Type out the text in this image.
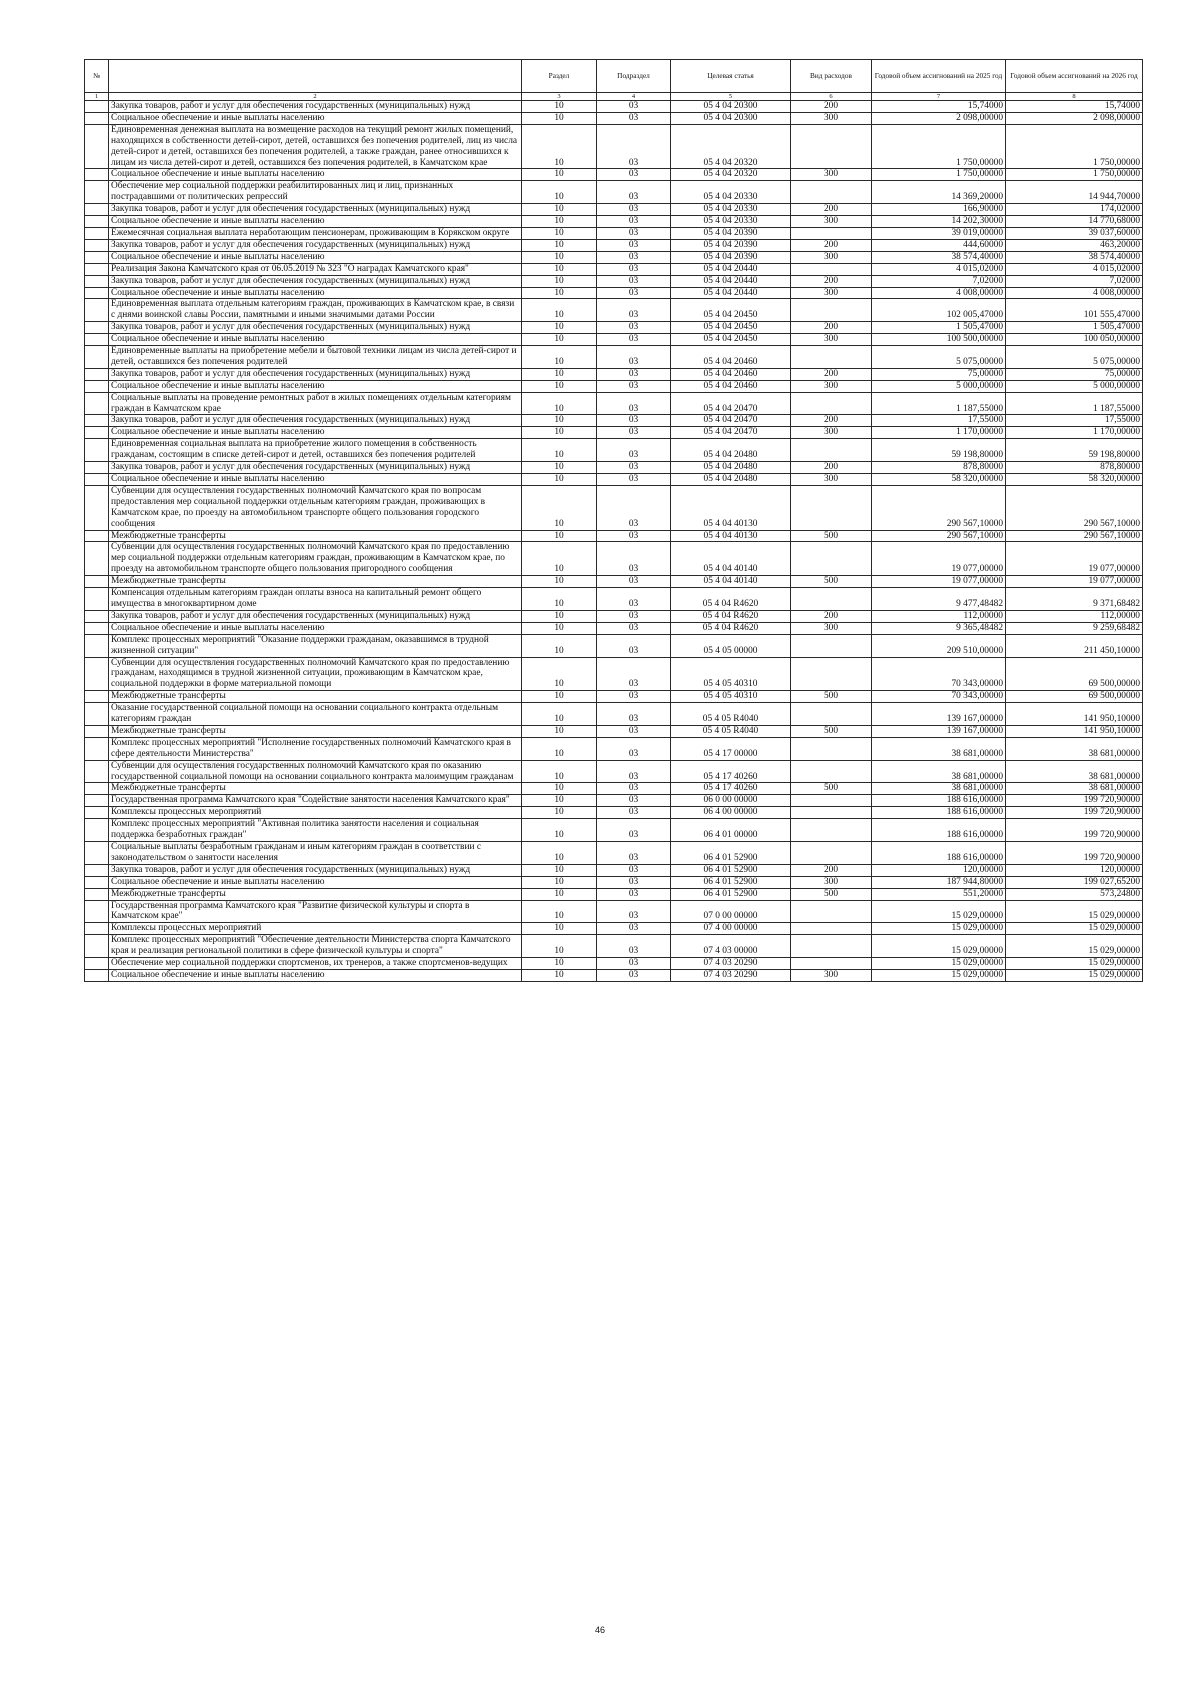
№		Раздел	Подраздел	Целевая статья	Вид расходов	Годовой объем ассигнований на 2025 год	Годовой объем ассигнований на 2026 год
1	2	3	4	5	6	7	8
	Закупка товаров, работ и услуг для обеспечения государственных (муниципальных) нужд	10	03	05 4 04 20300	200	15,74000	15,74000
	Социальное обеспечение и иные выплаты населению	10	03	05 4 04 20300	300	2 098,00000	2 098,00000
	Единовременная денежная выплата на возмещение расходов на текущий ремонт жилых помещений, находящихся в собственности детей-сирот, детей, оставшихся без попечения родителей, лиц из числа детей-сирот и детей, оставшихся без попечения родителей, а также граждан, ранее относившихся к лицам из числа детей-сирот и детей, оставшихся без попечения родителей, в Камчатском крае	10	03	05 4 04 20320		1 750,00000	1 750,00000
	Социальное обеспечение и иные выплаты населению	10	03	05 4 04 20320	300	1 750,00000	1 750,00000
	Обеспечение мер социальной поддержки реабилитированных лиц и лиц, признанных пострадавшими от политических репрессий	10	03	05 4 04 20330		14 369,20000	14 944,70000
	Закупка товаров, работ и услуг для обеспечения государственных (муниципальных) нужд	10	03	05 4 04 20330	200	166,90000	174,02000
	Социальное обеспечение и иные выплаты населению	10	03	05 4 04 20330	300	14 202,30000	14 770,68000
	Ежемесячная социальная выплата неработающим пенсионерам, проживающим в Корякском округе	10	03	05 4 04 20390		39 019,00000	39 037,60000
	Закупка товаров, работ и услуг для обеспечения государственных (муниципальных) нужд	10	03	05 4 04 20390	200	444,60000	463,20000
	Социальное обеспечение и иные выплаты населению	10	03	05 4 04 20390	300	38 574,40000	38 574,40000
	Реализация Закона Камчатского края от 06.05.2019 № 323 "О наградах Камчатского края"	10	03	05 4 04 20440		4 015,02000	4 015,02000
	Закупка товаров, работ и услуг для обеспечения государственных (муниципальных) нужд	10	03	05 4 04 20440	200	7,02000	7,02000
	Социальное обеспечение и иные выплаты населению	10	03	05 4 04 20440	300	4 008,00000	4 008,00000
	Единовременная выплата отдельным категориям граждан, проживающих в Камчатском крае, в связи с днями воинской славы России, памятными и иными значимыми датами России	10	03	05 4 04 20450		102 005,47000	101 555,47000
	Закупка товаров, работ и услуг для обеспечения государственных (муниципальных) нужд	10	03	05 4 04 20450	200	1 505,47000	1 505,47000
	Социальное обеспечение и иные выплаты населению	10	03	05 4 04 20450	300	100 500,00000	100 050,00000
	Единовременные выплаты на приобретение мебели и бытовой техники лицам из числа детей-сирот и детей, оставшихся без попечения родителей	10	03	05 4 04 20460		5 075,00000	5 075,00000
	Закупка товаров, работ и услуг для обеспечения государственных (муниципальных) нужд	10	03	05 4 04 20460	200	75,00000	75,00000
	Социальное обеспечение и иные выплаты населению	10	03	05 4 04 20460	300	5 000,00000	5 000,00000
	Социальные выплаты на проведение ремонтных работ в жилых помещениях отдельным категориям граждан в Камчатском крае	10	03	05 4 04 20470		1 187,55000	1 187,55000
	Закупка товаров, работ и услуг для обеспечения государственных (муниципальных) нужд	10	03	05 4 04 20470	200	17,55000	17,55000
	Социальное обеспечение и иные выплаты населению	10	03	05 4 04 20470	300	1 170,00000	1 170,00000
	Единовременная социальная выплата на приобретение жилого помещения в собственность гражданам, состоящим в списке детей-сирот и детей, оставшихся без попечения родителей	10	03	05 4 04 20480		59 198,80000	59 198,80000
	Закупка товаров, работ и услуг для обеспечения государственных (муниципальных) нужд	10	03	05 4 04 20480	200	878,80000	878,80000
	Социальное обеспечение и иные выплаты населению	10	03	05 4 04 20480	300	58 320,00000	58 320,00000
	Субвенции для осуществления государственных полномочий Камчатского края по вопросам предоставления мер социальной поддержки отдельным категориям граждан, проживающих в Камчатском крае, по проезду на автомобильном транспорте общего пользования городского сообщения	10	03	05 4 04 40130		290 567,10000	290 567,10000
	Межбюджетные трансферты	10	03	05 4 04 40130	500	290 567,10000	290 567,10000
	Субвенции для осуществления государственных полномочий Камчатского края по предоставлению мер социальной поддержки отдельным категориям граждан, проживающим в Камчатском крае, по проезду на автомобильном транспорте общего пользования пригородного сообщения	10	03	05 4 04 40140		19 077,00000	19 077,00000
	Межбюджетные трансферты	10	03	05 4 04 40140	500	19 077,00000	19 077,00000
	Компенсация отдельным категориям граждан оплаты взноса на капитальный ремонт общего имущества в многоквартирном доме	10	03	05 4 04 R4620		9 477,48482	9 371,68482
	Закупка товаров, работ и услуг для обеспечения государственных (муниципальных) нужд	10	03	05 4 04 R4620	200	112,00000	112,00000
	Социальное обеспечение и иные выплаты населению	10	03	05 4 04 R4620	300	9 365,48482	9 259,68482
	Комплекс процессных мероприятий "Оказание поддержки гражданам, оказавшимся в трудной жизненной ситуации"	10	03	05 4 05 00000		209 510,00000	211 450,10000
	Субвенции для осуществления государственных полномочий Камчатского края по предоставлению гражданам, находящимся в трудной жизненной ситуации, проживающим в Камчатском крае, социальной поддержки в форме материальной помощи	10	03	05 4 05 40310		70 343,00000	69 500,00000
	Межбюджетные трансферты	10	03	05 4 05 40310	500	70 343,00000	69 500,00000
	Оказание государственной социальной помощи на основании социального контракта отдельным категориям граждан	10	03	05 4 05 R4040		139 167,00000	141 950,10000
	Межбюджетные трансферты	10	03	05 4 05 R4040	500	139 167,00000	141 950,10000
	Комплекс процессных мероприятий "Исполнение государственных полномочий Камчатского края в сфере деятельности Министерства"	10	03	05 4 17 00000		38 681,00000	38 681,00000
	Субвенции для осуществления государственных полномочий Камчатского края по оказанию государственной социальной помощи на основании социального контракта малоимущим гражданам	10	03	05 4 17 40260		38 681,00000	38 681,00000
	Межбюджетные трансферты	10	03	05 4 17 40260	500	38 681,00000	38 681,00000
	Государственная программа Камчатского края "Содействие занятости населения Камчатского края"	10	03	06 0 00 00000		188 616,00000	199 720,90000
	Комплексы процессных мероприятий	10	03	06 4 00 00000		188 616,00000	199 720,90000
	Комплекс процессных мероприятий "Активная политика занятости населения и социальная поддержка безработных граждан"	10	03	06 4 01 00000		188 616,00000	199 720,90000
	Социальные выплаты безработным гражданам и иным категориям граждан в соответствии с законодательством о занятости населения	10	03	06 4 01 52900		188 616,00000	199 720,90000
	Закупка товаров, работ и услуг для обеспечения государственных (муниципальных) нужд	10	03	06 4 01 52900	200	120,00000	120,00000
	Социальное обеспечение и иные выплаты населению	10	03	06 4 01 52900	300	187 944,80000	199 027,65200
	Межбюджетные трансферты	10	03	06 4 01 52900	500	551,20000	573,24800
	Государственная программа Камчатского края "Развитие физической культуры и спорта в Камчатском крае"	10	03	07 0 00 00000		15 029,00000	15 029,00000
	Комплексы процессных мероприятий	10	03	07 4 00 00000		15 029,00000	15 029,00000
	Комплекс процессных мероприятий "Обеспечение деятельности Министерства спорта Камчатского края и реализация региональной политики в сфере физической культуры и спорта"	10	03	07 4 03 00000		15 029,00000	15 029,00000
	Обеспечение мер социальной поддержки спортсменов, их тренеров, а также спортсменов-ведущих	10	03	07 4 03 20290		15 029,00000	15 029,00000
	Социальное обеспечение и иные выплаты населению	10	03	07 4 03 20290	300	15 029,00000	15 029,00000
46
